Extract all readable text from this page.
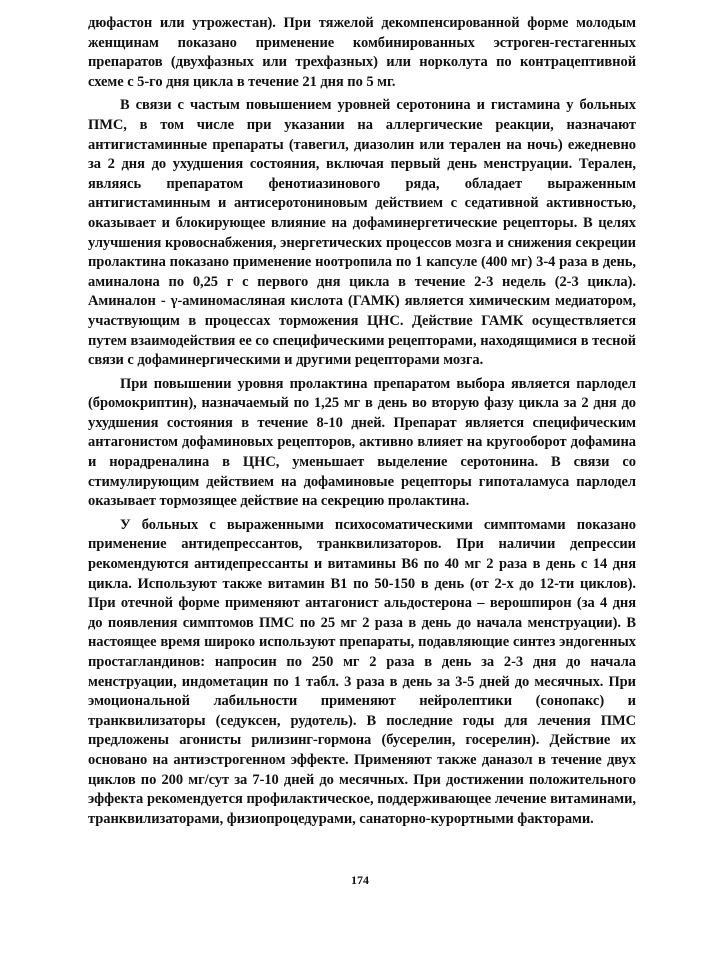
дюфастон или утрожестан). При тяжелой декомпенсированной форме молодым женщинам показано применение комбинированных эстроген-гестагенных препаратов (двухфазных или трехфазных) или норколута по контрацептивной схеме с 5-го дня цикла в течение 21 дня по 5 мг.

В связи с частым повышением уровней серотонина и гистамина у больных ПМС, в том числе при указании на аллергические реакции, назначают антигистаминные препараты (тавегил, диазолин или терален на ночь) ежедневно за 2 дня до ухудшения состояния, включая первый день менструации. Терален, являясь препаратом фенотиазинового ряда, обладает выраженным антигистаминным и антисеротониновым действием с седативной активностью, оказывает и блокирующее влияние на дофаминергетические рецепторы. В целях улучшения кровоснабжения, энергетических процессов мозга и снижения секреции пролактина показано применение ноотропила по 1 капсуле (400 мг) 3-4 раза в день, аминалона по 0,25 г с первого дня цикла в течение 2-3 недель (2-3 цикла). Аминалон - γ-аминомасляная кислота (ГАМК) является химическим медиатором, участвующим в процессах торможения ЦНС. Действие ГАМК осуществляется путем взаимодействия ее со специфическими рецепторами, находящимися в тесной связи с дофаминергическими и другими рецепторами мозга.

При повышении уровня пролактина препаратом выбора является парлодел (бромокриптин), назначаемый по 1,25 мг в день во вторую фазу цикла за 2 дня до ухудшения состояния в течение 8-10 дней. Препарат является специфическим антагонистом дофаминовых рецепторов, активно влияет на кругооборот дофамина и норадреналина в ЦНС, уменьшает выделение серотонина. В связи со стимулирующим действием на дофаминовые рецепторы гипоталамуса парлодел оказывает тормозящее действие на секрецию пролактина.

У больных с выраженными психосоматическими симптомами показано применение антидепрессантов, транквилизаторов. При наличии депрессии рекомендуются антидепрессанты и витамины В6 по 40 мг 2 раза в день с 14 дня цикла. Используют также витамин В1 по 50-150 в день (от 2-х до 12-ти циклов). При отечной форме применяют антагонист альдостерона – верошпирон (за 4 дня до появления симптомов ПМС по 25 мг 2 раза в день до начала менструации). В настоящее время широко используют препараты, подавляющие синтез эндогенных простагландинов: напросин по 250 мг 2 раза в день за 2-3 дня до начала менструации, индометацин по 1 табл. 3 раза в день за 3-5 дней до месячных. При эмоциональной лабильности применяют нейролептики (сонопакс) и транквилизаторы (седуксен, рудотель). В последние годы для лечения ПМС предложены агонисты рилизинг-гормона (бусерелин, госерелин). Действие их основано на антиэстрогенном эффекте. Применяют также даназол в течение двух циклов по 200 мг/сут за 7-10 дней до месячных. При достижении положительного эффекта рекомендуется профилактическое, поддерживающее лечение витаминами, транквилизаторами, физиопроцедурами, санаторно-курортными факторами.

174
